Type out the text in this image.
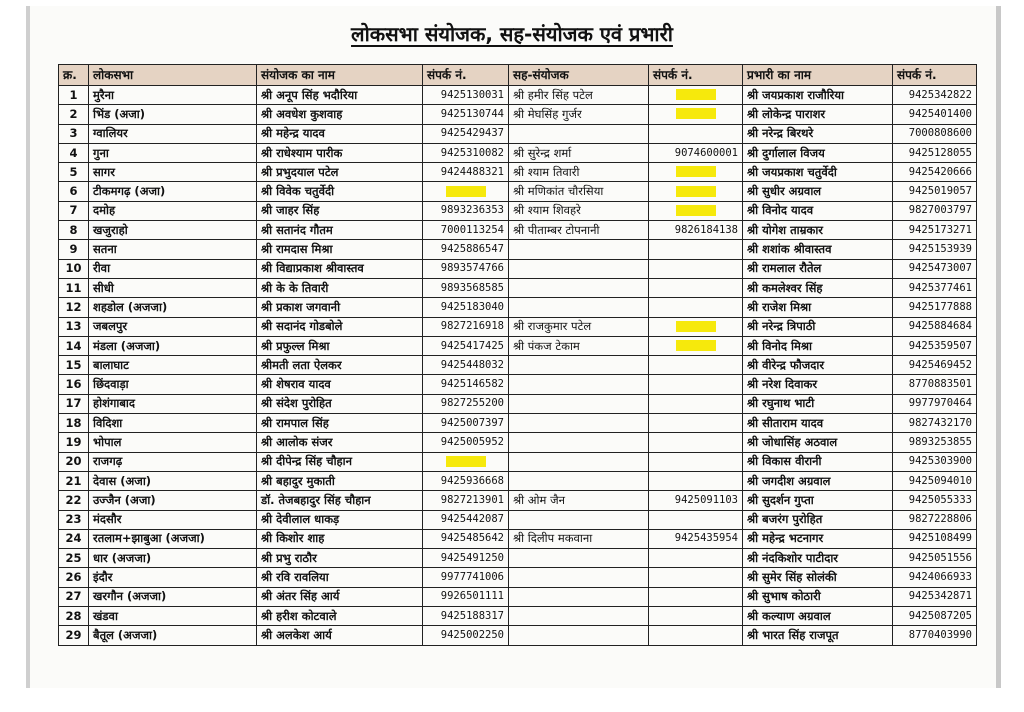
लोकसभा संयोजक, सह-संयोजक एवं प्रभारी
क्र.	लोकसभा	संयोजक का नाम	संपर्क नं.	सह-संयोजक	संपर्क नं.	प्रभारी का नाम	संपर्क नं.
1	मुरैना	श्री अनूप सिंह भदौरिया	9425130031	श्री हमीर सिंह पटेल		श्री जयप्रकाश राजौरिया	9425342822
2	भिंड (अजा)	श्री अवधेश कुशवाह	9425130744	श्री मेघसिंह गुर्जर		श्री लोकेन्द्र पाराशर	9425401400
3	ग्वालियर	श्री महेन्द्र यादव	9425429437			श्री नरेन्द्र बिरथरे	7000808600
4	गुना	श्री राधेश्याम पारीक	9425310082	श्री सुरेन्द्र शर्मा	9074600001	श्री दुर्गालाल विजय	9425128055
5	सागर	श्री प्रभुदयाल पटेल	9424488321	श्री श्याम तिवारी		श्री जयप्रकाश चतुर्वेदी	9425420666
6	टीकमगढ़ (अजा)	श्री विवेक चतुर्वेदी		श्री मणिकांत चौरसिया		श्री सुधीर अग्रवाल	9425019057
7	दमोह	श्री जाहर सिंह	9893236353	श्री श्याम शिवहरे		श्री विनोद यादव	9827003797
8	खजुराहो	श्री सतानंद गौतम	7000113254	श्री पीताम्बर टोपनानी	9826184138	श्री योगेश ताम्रकार	9425173271
9	सतना	श्री रामदास मिश्रा	9425886547			श्री शशांक श्रीवास्तव	9425153939
10	रीवा	श्री विद्याप्रकाश श्रीवास्तव	9893574766			श्री रामलाल रौतेल	9425473007
11	सीधी	श्री के के तिवारी	9893568585			श्री कमलेश्वर सिंह	9425377461
12	शहडोल (अजजा)	श्री प्रकाश जगवानी	9425183040			श्री राजेश मिश्रा	9425177888
13	जबलपुर	श्री सदानंद गोडबोले	9827216918	श्री राजकुमार पटेल		श्री नरेन्द्र त्रिपाठी	9425884684
14	मंडला (अजजा)	श्री प्रफुल्ल मिश्रा	9425417425	श्री पंकज टेकाम		श्री विनोद मिश्रा	9425359507
15	बालाघाट	श्रीमती लता ऐलकर	9425448032			श्री वीरेन्द्र फौजदार	9425469452
16	छिंदवाड़ा	श्री शेषराव यादव	9425146582			श्री नरेश दिवाकर	8770883501
17	होशंगाबाद	श्री संदेश पुरोहित	9827255200			श्री रघुनाथ भाटी	9977970464
18	विदिशा	श्री रामपाल सिंह	9425007397			श्री सीताराम यादव	9827432170
19	भोपाल	श्री आलोक संजर	9425005952			श्री जोधासिंह अठवाल	9893253855
20	राजगढ़	श्री दीपेन्द्र सिंह चौहान				श्री विकास वीरानी	9425303900
21	देवास (अजा)	श्री बहादुर मुकाती	9425936668			श्री जगदीश अग्रवाल	9425094010
22	उज्जैन (अजा)	डॉ. तेजबहादुर सिंह चौहान	9827213901	श्री ओम जैन	9425091103	श्री सुदर्शन गुप्ता	9425055333
23	मंदसौर	श्री देवीलाल धाकड़	9425442087			श्री बजरंग पुरोहित	9827228806
24	रतलाम+झाबुआ (अजजा)	श्री किशोर शाह	9425485642	श्री दिलीप मकवाना	9425435954	श्री महेन्द्र भटनागर	9425108499
25	धार (अजजा)	श्री प्रभु राठौर	9425491250			श्री नंदकिशोर पाटीदार	9425051556
26	इंदौर	श्री रवि रावलिया	9977741006			श्री सुमेर सिंह सोलंकी	9424066933
27	खरगौन (अजजा)	श्री अंतर सिंह आर्य	9926501111			श्री सुभाष कोठारी	9425342871
28	खंडवा	श्री हरीश कोटवाले	9425188317			श्री कल्याण अग्रवाल	9425087205
29	बैतूल (अजजा)	श्री अलकेश आर्य	9425002250			श्री भारत सिंह राजपूत	8770403990
